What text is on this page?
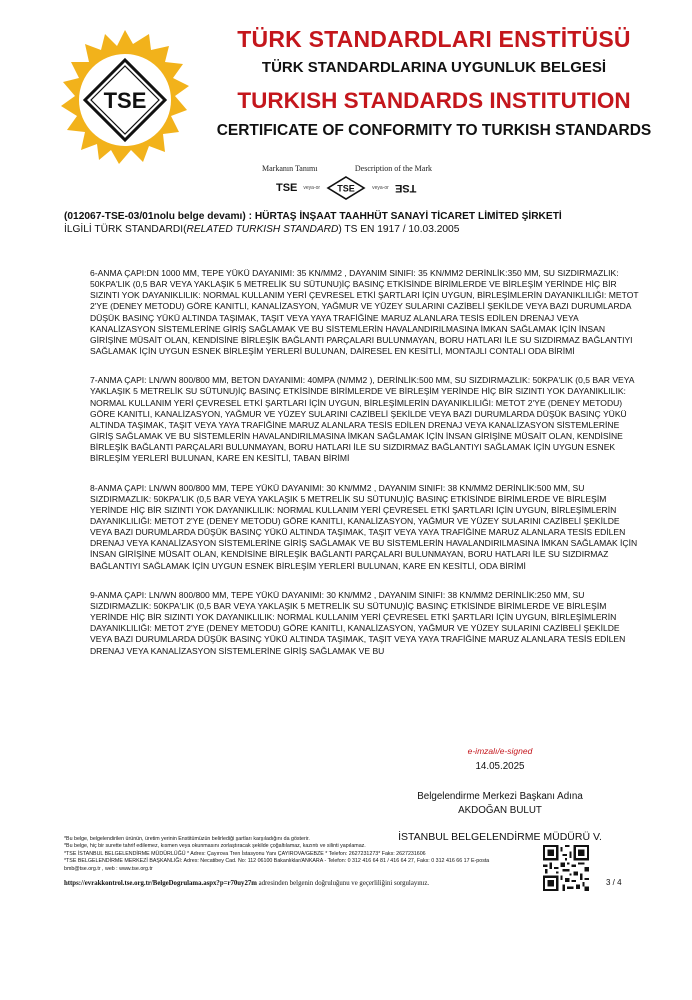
TSE
TÜRK STANDARDLARI ENSTİTÜSÜ
TÜRK STANDARDLARINA UYGUNLUK BELGESİ
TURKISH STANDARDS INSTITUTION
CERTIFICATE OF CONFORMITY TO TURKISH STANDARDS
Markanın Tanımı	Description of the Mark
TSE veya-or TSE	veya-or TSE
(012067-TSE-03/01nolu belge devamı) : HÜRTAŞ İNŞAAT TAAHHÜT SANAYİ TİCARET LİMİTED ŞİRKETİ
İLGİLİ TÜRK STANDARDI(RELATED TURKISH STANDARD) TS EN 1917 / 10.03.2005

6-ANMA ÇAPI:DN 1000 MM, TEPE YÜKÜ DAYANIMI: 35 KN/MM2 , DAYANIM SINIFI: 35 KN/MM2 DERİNLİK:350 MM, SU SIZDIRMAZLIK: 50KPA'LIK (0,5 BAR VEYA YAKLAŞIK 5 METRELİK SU SÜTUNU)İÇ BASINÇ ETKİSİNDE BİRİMLERDE VE BİRLEŞİM YERİNDE HİÇ BİR SIZINTI YOK DAYANIKLILIK: NORMAL KULLANIM YERİ ÇEVRESEL ETKİ ŞARTLARI İÇİN UYGUN, BİRLEŞİMLERİN DAYANIKLILIĞI: METOT 2'YE (DENEY METODU) GÖRE KANITLI, KANALİZASYON, YAĞMUR VE YÜZEY SULARINI CAZİBELİ ŞEKİLDE VEYA BAZI DURUMLARDA DÜŞÜK BASINÇ YÜKÜ ALTINDA TAŞIMAK, TAŞIT VEYA YAYA TRAFİĞİNE MARUZ ALANLARA TESİS EDİLEN DRENAJ VEYA KANALİZASYON SİSTEMLERİNE GİRİŞ SAĞLAMAK VE BU SİSTEMLERİN HAVALANDIRILMASINA İMKAN SAĞLAMAK İÇİN İNSAN GİRİŞİNE MÜSAİT OLAN, KENDİSİNE BİRLEŞİK BAĞLANTI PARÇALARI BULUNMAYAN, BORU HATLARI İLE SU SIZDIRMAZ BAĞLANTIYI SAĞLAMAK İÇİN UYGUN ESNEK BİRLEŞİM YERLERİ BULUNAN, DAİRESEL EN KESİTLİ, MONTAJLI CONTALI ODA BİRİMİ

7-ANMA ÇAPI: LN/WN 800/800 MM, BETON DAYANIMI: 40MPA (N/MM2 ), DERİNLİK:500 MM, SU SIZDIRMAZLIK: 50KPA'LIK (0,5 BAR VEYA YAKLAŞIK 5 METRELİK SU SÜTUNU)İÇ BASINÇ ETKİSİNDE BİRİMLERDE VE BİRLEŞİM YERİNDE HİÇ BİR SIZINTI YOK DAYANIKLILIK: NORMAL KULLANIM YERİ ÇEVRESEL ETKİ ŞARTLARI İÇİN UYGUN, BİRLEŞİMLERİN DAYANIKLILIĞI: METOT 2'YE (DENEY METODU) GÖRE KANITLI, KANALİZASYON, YAĞMUR VE YÜZEY SULARINI CAZİBELİ ŞEKİLDE VEYA BAZI DURUMLARDA DÜŞÜK BASINÇ YÜKÜ ALTINDA TAŞIMAK, TAŞIT VEYA YAYA TRAFİĞİNE MARUZ ALANLARA TESİS EDİLEN DRENAJ VEYA KANALİZASYON SİSTEMLERİNE GİRİŞ SAĞLAMAK VE BU SİSTEMLERİN HAVALANDIRILMASINA İMKAN SAĞLAMAK İÇİN İNSAN GİRİŞİNE MÜSAİT OLAN, KENDİSİNE BİRLEŞİK BAĞLANTI PARÇALARI BULUNMAYAN, BORU HATLARI İLE SU SIZDIRMAZ BAĞLANTIYI SAĞLAMAK İÇİN UYGUN ESNEK BİRLEŞİM YERLERİ BULUNAN, KARE EN KESİTLİ, TABAN BİRİMİ

8-ANMA ÇAPI: LN/WN 800/800 MM, TEPE YÜKÜ DAYANIMI: 30 KN/MM2 , DAYANIM SINIFI: 38 KN/MM2 DERİNLİK:500 MM, SU SIZDIRMAZLIK: 50KPA'LIK (0,5 BAR VEYA YAKLAŞIK 5 METRELİK SU SÜTUNU)İÇ BASINÇ ETKİSİNDE BİRİMLERDE VE BİRLEŞİM YERİNDE HİÇ BİR SIZINTI YOK DAYANIKLILIK: NORMAL KULLANIM YERİ ÇEVRESEL ETKİ ŞARTLARI İÇİN UYGUN, BİRLEŞİMLERİN DAYANIKLILIĞI: METOT 2'YE (DENEY METODU) GÖRE KANITLI, KANALİZASYON, YAĞMUR VE YÜZEY SULARINI CAZİBELİ ŞEKİLDE VEYA BAZI DURUMLARDA DÜŞÜK BASINÇ YÜKÜ ALTINDA TAŞIMAK, TAŞIT VEYA YAYA TRAFİĞİNE MARUZ ALANLARA TESİS EDİLEN DRENAJ VEYA KANALİZASYON SİSTEMLERİNE GİRİŞ SAĞLAMAK VE BU SİSTEMLERİN HAVALANDIRILMASINA İMKAN SAĞLAMAK İÇİN İNSAN GİRİŞİNE MÜSAİT OLAN, KENDİSİNE BİRLEŞİK BAĞLANTI PARÇALARI BULUNMAYAN, BORU HATLARI İLE SU SIZDIRMAZ BAĞLANTIYI SAĞLAMAK İÇİN UYGUN ESNEK BİRLEŞİM YERLERİ BULUNAN, KARE EN KESİTLİ, ODA BİRİMİ

9-ANMA ÇAPI: LN/WN 800/800 MM, TEPE YÜKÜ DAYANIMI: 30 KN/MM2 , DAYANIM SINIFI: 38 KN/MM2 DERİNLİK:250 MM, SU SIZDIRMAZLIK: 50KPA'LIK (0,5 BAR VEYA YAKLAŞIK 5 METRELİK SU SÜTUNU)İÇ BASINÇ ETKİSİNDE BİRİMLERDE VE BİRLEŞİM YERİNDE HİÇ BİR SIZINTI YOK DAYANIKLILIK: NORMAL KULLANIM YERİ ÇEVRESEL ETKİ ŞARTLARI İÇİN UYGUN, BİRLEŞİMLERİN DAYANIKLILIĞI: METOT 2'YE (DENEY METODU) GÖRE KANITLI, KANALİZASYON, YAĞMUR VE YÜZEY SULARINI CAZİBELİ ŞEKİLDE VEYA BAZI DURUMLARDA DÜŞÜK BASINÇ YÜKÜ ALTINDA TAŞIMAK, TAŞIT VEYA YAYA TRAFİĞİNE MARUZ ALANLARA TESİS EDİLEN DRENAJ VEYA KANALİZASYON SİSTEMLERİNE GİRİŞ SAĞLAMAK VE BU

e-imzalı/e-signed
14.05.2025
Belgelendirme Merkezi Başkanı Adına
AKDOĞAN BULUT
İSTANBUL BELGELENDİRME MÜDÜRÜ V.
*Bu belge, belgelendirilen ürünün, üretim yerinin Enstitümüzün belirlediği şartları karşıladığını da gösterir.
*Bu belge, hiç bir surette tahrif edilemez, kısmen veya okunmasını zorlaştıracak şekilde çoğaltılamaz, kazıntı ve silinti yapılamaz.
*TSE İSTANBUL BELGELENDİRME MÜDÜRLÜĞÜ * Adres: Çayırova Tren İstasyonu Yanı ÇAYIROVA/GEBZE * Telefon: 2627231273* Faks: 2627231606
*TSE BELGELENDİRME MERKEZİ BAŞKANLIĞI: Adres: Necatibey Cad. No: 112 06100 Bakanlıklar/ANKARA - Telefon: 0 312 416 64 81 / 416 64 27, Faks: 0 312 416 66 17 E-posta
bmb@tse.org.tr , web : www.tse.org.tr
https://evrakkontrol.tse.org.tr/BelgeDogrulama.aspx?p=r70uy27m adresinden belgenin doğruluğunu ve geçerliliğini sorgulayınız.	3 / 4
